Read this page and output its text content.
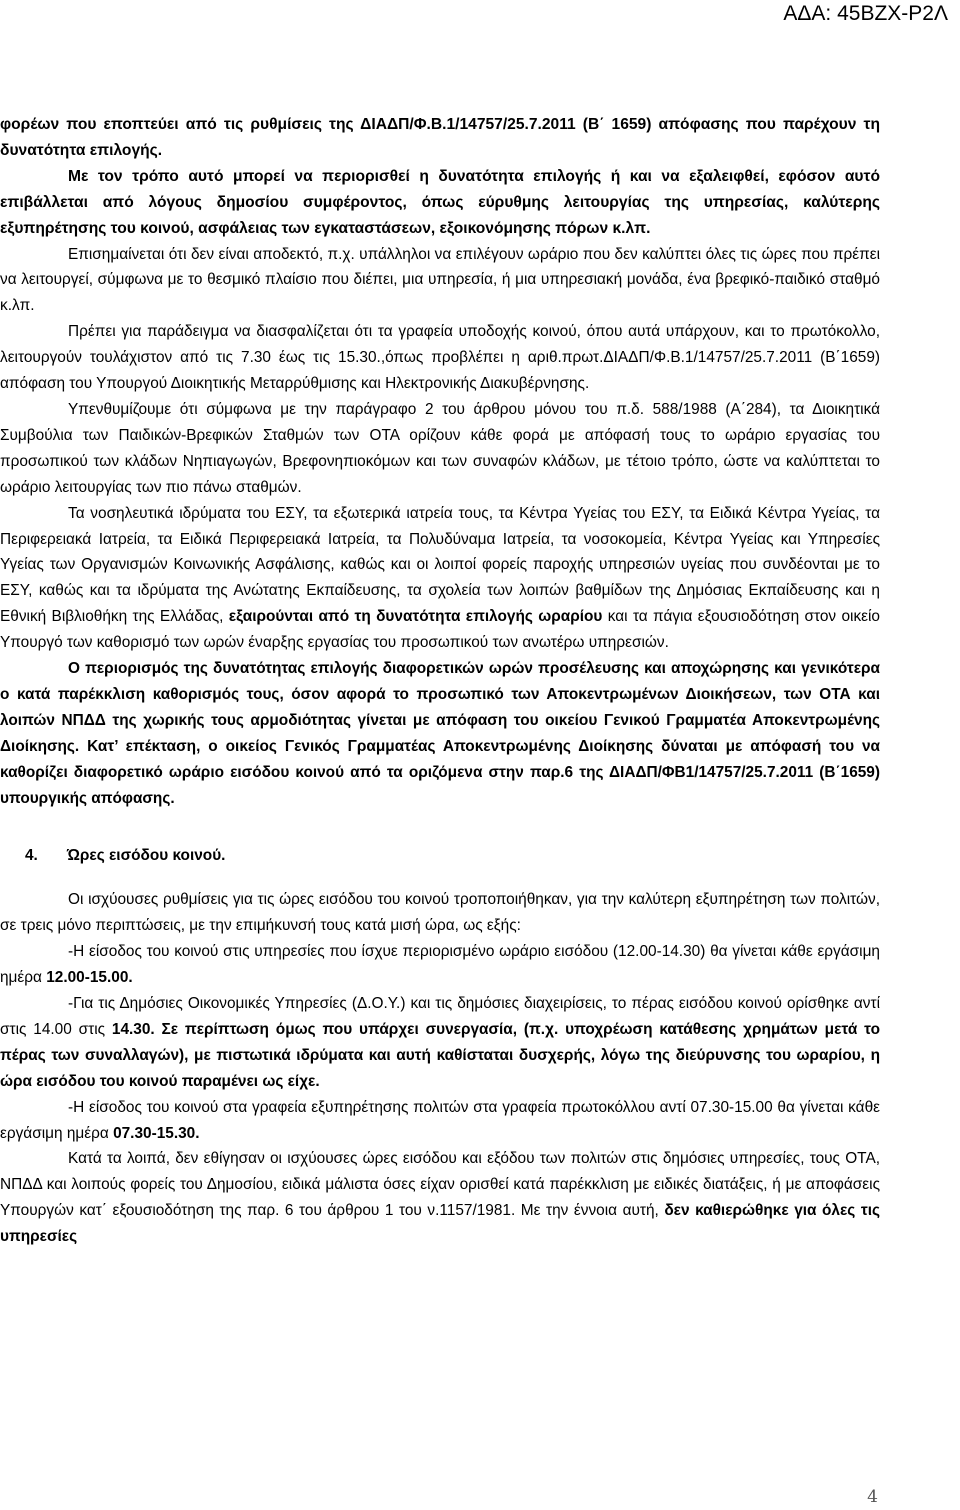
ΑΔΑ: 45ΒΖΧ-Ρ2Λ

φορέων που εποπτεύει από τις ρυθμίσεις της ΔΙΑΔΠ/Φ.Β.1/14757/25.7.2011 (Β΄ 1659) απόφασης που παρέχουν τη δυνατότητα επιλογής.

Με τον τρόπο αυτό μπορεί να περιορισθεί η δυνατότητα επιλογής ή και να εξαλειφθεί, εφόσον αυτό επιβάλλεται από λόγους δημοσίου συμφέροντος, όπως εύρυθμης λειτουργίας της υπηρεσίας, καλύτερης εξυπηρέτησης του κοινού, ασφάλειας των εγκαταστάσεων, εξοικονόμησης πόρων κ.λπ.

Επισημαίνεται ότι δεν είναι αποδεκτό, π.χ. υπάλληλοι να επιλέγουν ωράριο που δεν καλύπτει όλες τις ώρες που πρέπει να λειτουργεί, σύμφωνα με το θεσμικό πλαίσιο που διέπει, μια υπηρεσία, ή μια υπηρεσιακή μονάδα, ένα βρεφικό-παιδικό σταθμό κ.λπ.

Πρέπει για παράδειγμα να διασφαλίζεται ότι τα γραφεία υποδοχής κοινού, όπου αυτά υπάρχουν, και το πρωτόκολλο, λειτουργούν τουλάχιστον από τις 7.30 έως τις 15.30.,όπως προβλέπει η αριθ.πρωτ.ΔΙΑΔΠ/Φ.Β.1/14757/25.7.2011 (Β΄1659) απόφαση του Υπουργού Διοικητικής Μεταρρύθμισης και Ηλεκτρονικής Διακυβέρνησης.

Υπενθυμίζουμε ότι σύμφωνα με την παράγραφο 2 του άρθρου μόνου του π.δ. 588/1988 (Α΄284), τα Διοικητικά Συμβούλια των Παιδικών-Βρεφικών Σταθμών των ΟΤΑ ορίζουν κάθε φορά με απόφασή τους το ωράριο εργασίας του προσωπικού των κλάδων Νηπιαγωγών, Βρεφονηπιοκόμων και των συναφών κλάδων, με τέτοιο τρόπο, ώστε να καλύπτεται το ωράριο λειτουργίας των πιο πάνω σταθμών.

Τα νοσηλευτικά ιδρύματα του ΕΣΥ, τα εξωτερικά ιατρεία τους, τα Κέντρα Υγείας του ΕΣΥ, τα Ειδικά Κέντρα Υγείας, τα Περιφερειακά Ιατρεία, τα Ειδικά Περιφερειακά Ιατρεία, τα Πολυδύναμα Ιατρεία, τα νοσοκομεία, Κέντρα Υγείας και Υπηρεσίες Υγείας των Οργανισμών Κοινωνικής Ασφάλισης, καθώς και οι λοιποί φορείς παροχής υπηρεσιών υγείας που συνδέονται με το ΕΣΥ, καθώς και τα ιδρύματα της Ανώτατης Εκπαίδευσης, τα σχολεία των λοιπών βαθμίδων της Δημόσιας Εκπαίδευσης και η Εθνική Βιβλιοθήκη της Ελλάδας, εξαιρούνται από τη δυνατότητα επιλογής ωραρίου και τα πάγια εξουσιοδότηση στον οικείο Υπουργό των καθορισμό των ωρών έναρξης εργασίας του προσωπικού των ανωτέρω υπηρεσιών.

Ο περιορισμός της δυνατότητας επιλογής διαφορετικών ωρών προσέλευσης και αποχώρησης και γενικότερα ο κατά παρέκκλιση καθορισμός τους, όσον αφορά το προσωπικό των Αποκεντρωμένων Διοικήσεων, των ΟΤΑ και λοιπών ΝΠΔΔ της χωρικής τους αρμοδιότητας γίνεται με απόφαση του οικείου Γενικού Γραμματέα Αποκεντρωμένης Διοίκησης. Κατ’ επέκταση, ο οικείος Γενικός Γραμματέας Αποκεντρωμένης Διοίκησης δύναται με απόφασή του να καθορίζει διαφορετικό ωράριο εισόδου κοινού από τα οριζόμενα στην παρ.6 της ΔΙΑΔΠ/ΦΒ1/14757/25.7.2011 (Β΄1659) υπουργικής απόφασης.

4. Ώρες εισόδου κοινού.

Οι ισχύουσες ρυθμίσεις για τις ώρες εισόδου του κοινού τροποποιήθηκαν, για την καλύτερη εξυπηρέτηση των πολιτών, σε τρεις μόνο περιπτώσεις, με την επιμήκυνσή τους κατά μισή ώρα, ως εξής:

-Η είσοδος του κοινού στις υπηρεσίες που ίσχυε περιορισμένο ωράριο εισόδου (12.00-14.30) θα γίνεται κάθε εργάσιμη ημέρα 12.00-15.00.

-Για τις Δημόσιες Οικονομικές Υπηρεσίες (Δ.Ο.Υ.) και τις δημόσιες διαχειρίσεις, το πέρας εισόδου κοινού ορίσθηκε αντί στις 14.00 στις 14.30. Σε περίπτωση όμως που υπάρχει συνεργασία, (π.χ. υποχρέωση κατάθεσης χρημάτων μετά το πέρας των συναλλαγών), με πιστωτικά ιδρύματα και αυτή καθίσταται δυσχερής, λόγω της διεύρυνσης του ωραρίου, η ώρα εισόδου του κοινού παραμένει ως είχε.

-Η είσοδος του κοινού στα γραφεία εξυπηρέτησης πολιτών στα γραφεία πρωτοκόλλου αντί 07.30-15.00 θα γίνεται κάθε εργάσιμη ημέρα 07.30-15.30.

Κατά τα λοιπά, δεν εθίγησαν οι ισχύουσες ώρες εισόδου και εξόδου των πολιτών στις δημόσιες υπηρεσίες, τους ΟΤΑ, ΝΠΔΔ και λοιπούς φορείς του Δημοσίου, ειδικά μάλιστα όσες είχαν ορισθεί κατά παρέκκλιση με ειδικές διατάξεις, ή με αποφάσεις Υπουργών κατ΄ εξουσιοδότηση της παρ. 6 του άρθρου 1 του ν.1157/1981. Με την έννοια αυτή, δεν καθιερώθηκε για όλες τις υπηρεσίες

4
